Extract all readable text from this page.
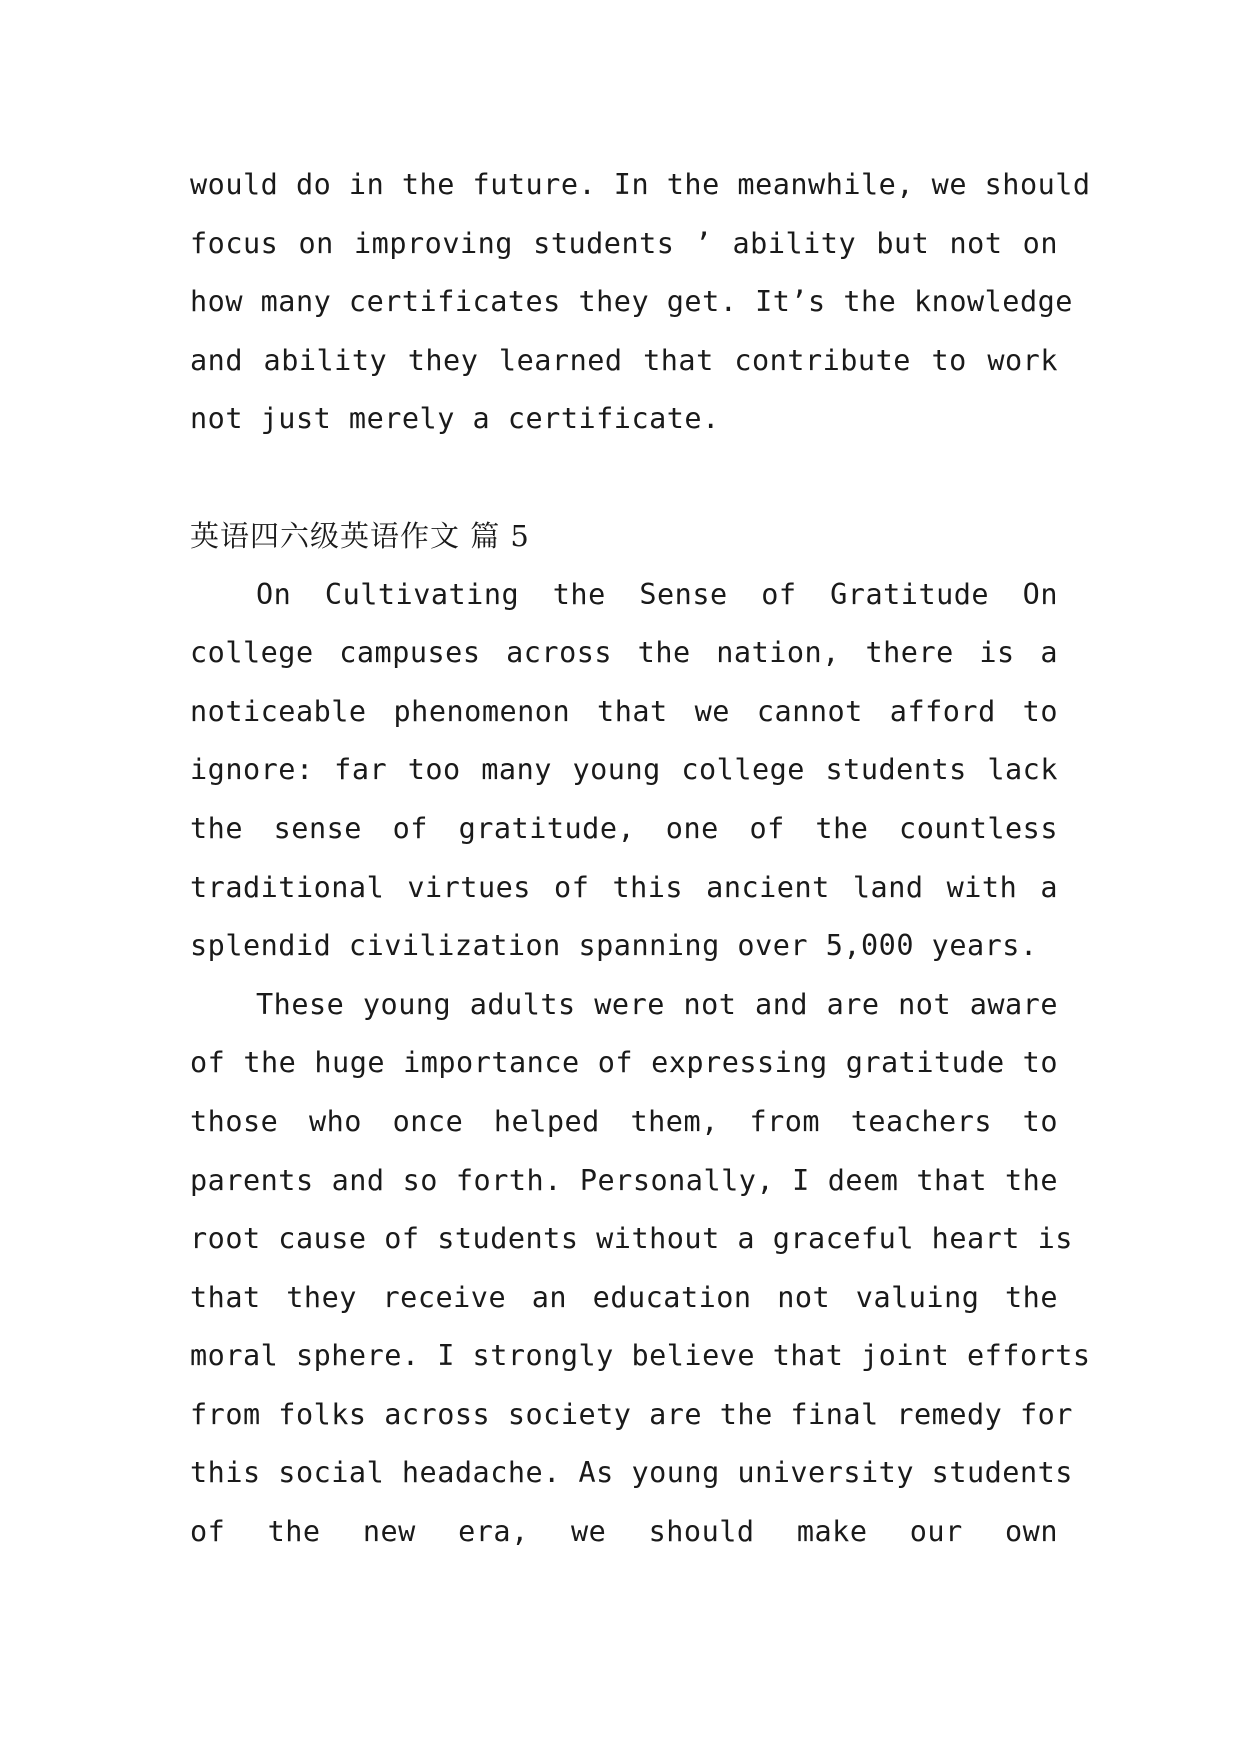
would do in the future. In the meanwhile, we should
focus on improving students ’ ability but not on
how many certificates they get. It’s the knowledge
and ability they learned that contribute to work
not just merely a certificate.
英语四六级英语作文 篇 5
On Cultivating the Sense of Gratitude On
college campuses across the nation, there is a
noticeable phenomenon that we cannot afford to
ignore: far too many young college students lack
the sense of gratitude, one of the countless
traditional virtues of this ancient land with a
splendid civilization spanning over 5,000 years.
These young adults were not and are not aware
of the huge importance of expressing gratitude to
those who once helped them, from teachers to
parents and so forth. Personally, I deem that the
root cause of students without a graceful heart is
that they receive an education not valuing the
moral sphere. I strongly believe that joint efforts
from folks across society are the final remedy for
this social headache. As young university students
of the new era, we should make our own
